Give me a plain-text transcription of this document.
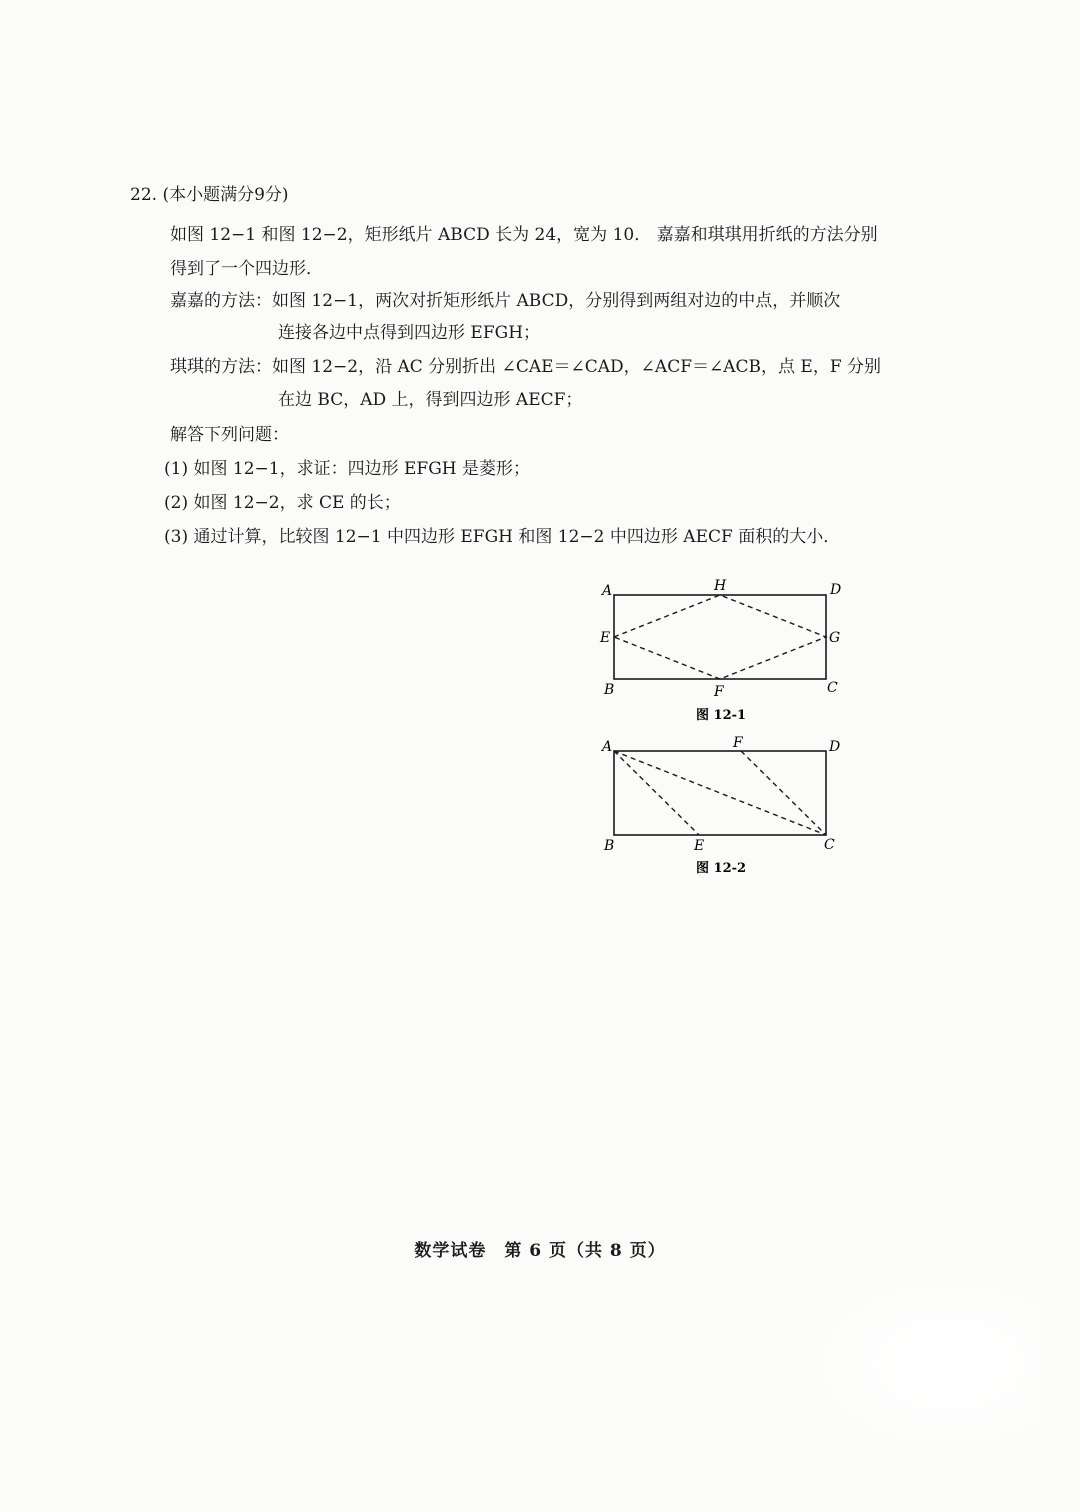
22. (本小题满分9分)
如图 12−1 和图 12−2，矩形纸片 ABCD 长为 24，宽为 10． 嘉嘉和琪琪用折纸的方法分别
得到了一个四边形．
嘉嘉的方法：如图 12−1，两次对折矩形纸片 ABCD，分别得到两组对边的中点，并顺次
连接各边中点得到四边形 EFGH；
琪琪的方法：如图 12−2，沿 AC 分别折出 ∠CAE＝∠CAD，∠ACF＝∠ACB，点 E，F 分别
在边 BC，AD 上，得到四边形 AECF；
解答下列问题：
(1) 如图 12−1，求证：四边形 EFGH 是菱形；
(2) 如图 12−2，求 CE 的长；
(3) 通过计算，比较图 12−1 中四边形 EFGH 和图 12−2 中四边形 AECF 面积的大小．
A	H	D
E	G
B	F	C
图 12-1
A	F	D
B	E	C
图 12-2
数学试卷　第 6 页（共 8 页）
